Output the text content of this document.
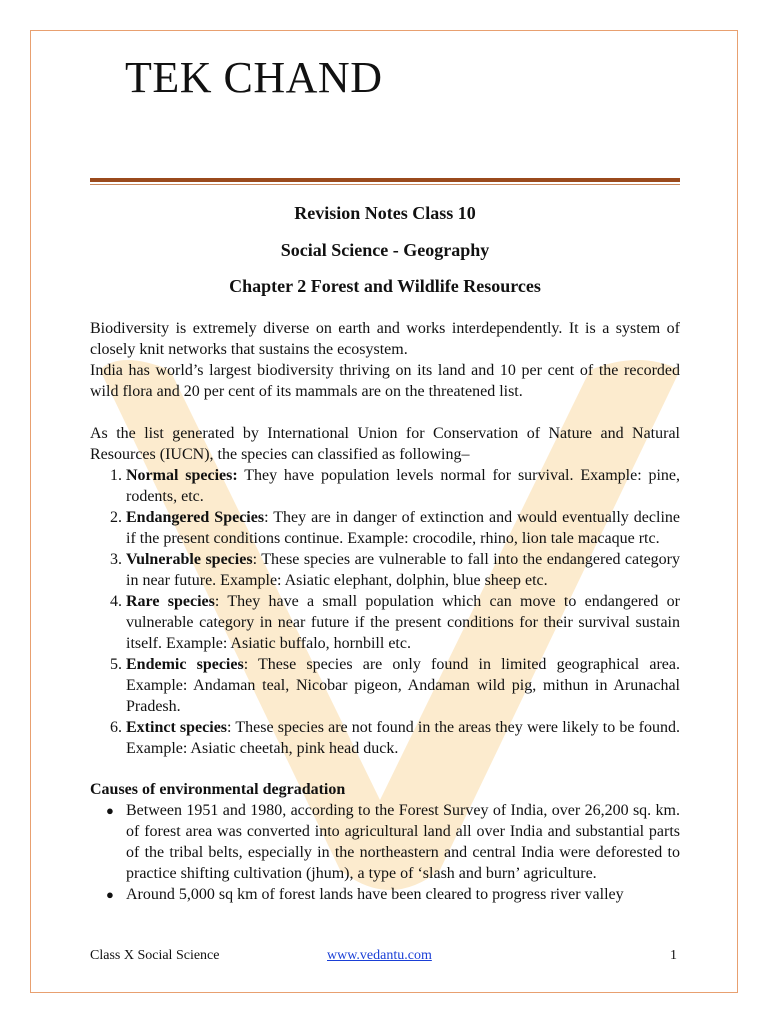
TEK CHAND
Revision Notes Class 10
Social Science - Geography
Chapter 2 Forest and Wildlife Resources

Biodiversity is extremely diverse on earth and works interdependently. It is a system of closely knit networks that sustains the ecosystem.

India has world’s largest biodiversity thriving on its land and 10 per cent of the recorded wild flora and 20 per cent of its mammals are on the threatened list.

As the list generated by International Union for Conservation of Nature and Natural Resources (IUCN), the species can classified as following–

1. Normal species: They have population levels normal for survival. Example: pine, rodents, etc.
2. Endangered Species: They are in danger of extinction and would eventually decline if the present conditions continue. Example: crocodile, rhino, lion tale macaque rtc.
3. Vulnerable species: These species are vulnerable to fall into the endangered category in near future. Example: Asiatic elephant, dolphin, blue sheep etc.
4. Rare species: They have a small population which can move to endangered or vulnerable category in near future if the present conditions for their survival sustain itself. Example: Asiatic buffalo, hornbill etc.
5. Endemic species: These species are only found in limited geographical area. Example: Andaman teal, Nicobar pigeon, Andaman wild pig, mithun in Arunachal Pradesh.
6. Extinct species: These species are not found in the areas they were likely to be found. Example: Asiatic cheetah, pink head duck.
Causes of environmental degradation
● Between 1951 and 1980, according to the Forest Survey of India, over 26,200 sq. km. of forest area was converted into agricultural land all over India and substantial parts of the tribal belts, especially in the northeastern and central India were deforested to practice shifting cultivation (jhum), a type of ‘slash and burn’ agriculture.
● Around 5,000 sq km of forest lands have been cleared to progress river valley
Class X Social Science	www.vedantu.com	1
